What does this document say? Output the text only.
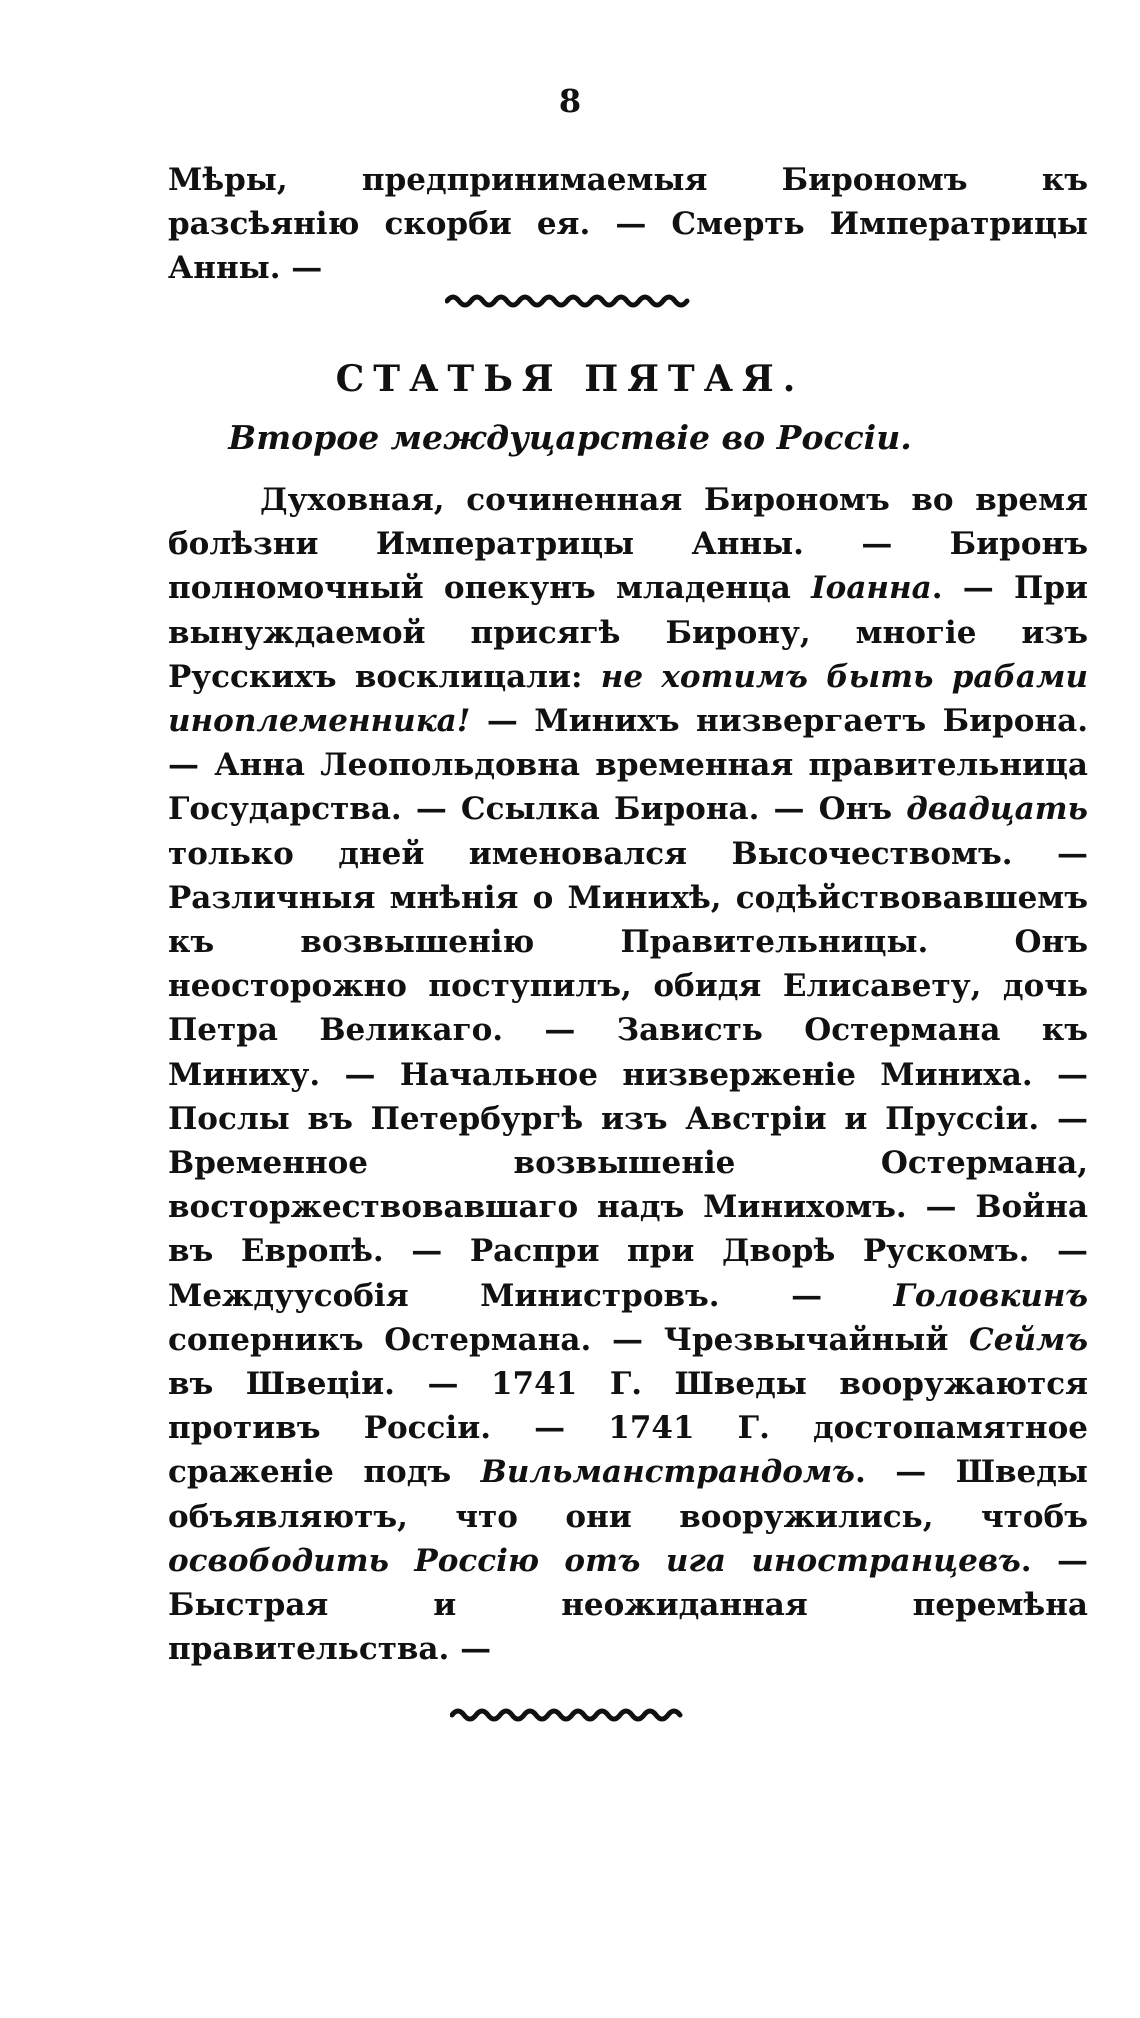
8
Мѣры, предпринимаемыя Бирономъ къ разсѣянію скорби ея. — Смерть Императрицы Анны. —
СТАТЬЯ ПЯТАЯ.
Второе междуцарствіе во Россіи.

Духовная, сочиненная Бирономъ во время болѣзни Императрицы Анны. — Биронъ полномочный опекунъ младенца Іоанна. — При вынуждаемой присягѣ Бирону, многіе изъ Русскихъ восклицали: не хотимъ быть рабами иноплеменника! — Минихъ низвергаетъ Бирона. — Анна Леопольдовна временная правительница Государства. — Ссылка Бирона. — Онъ двадцать только дней именовался Высочествомъ. — Различныя мнѣнія о Минихѣ, содѣйствовавшемъ къ возвышенію Правительницы. Онъ неосторожно поступилъ, обидя Елисавету, дочь Петра Великаго. — Зависть Остермана къ Миниху. — Начальное низверженіе Миниха. — Послы въ Петербургѣ изъ Австріи и Пруссіи. — Временное возвышеніе Остермана, восторжествовавшаго надъ Минихомъ. — Война въ Европѣ. — Распри при Дворѣ Рускомъ. — Междуусобія Министровъ. — Головкинъ соперникъ Остермана. — Чрезвычайный Сеймъ въ Швеціи. — 1741 Г. Шведы вооружаются противъ Россіи. — 1741 Г. достопамятное сраженіе подъ Вильманстрандомъ. — Шведы объявляютъ, что они вооружились, чтобъ освободить Россію отъ ига иностранцевъ. — Быстрая и неожиданная перемѣна правительства. —
